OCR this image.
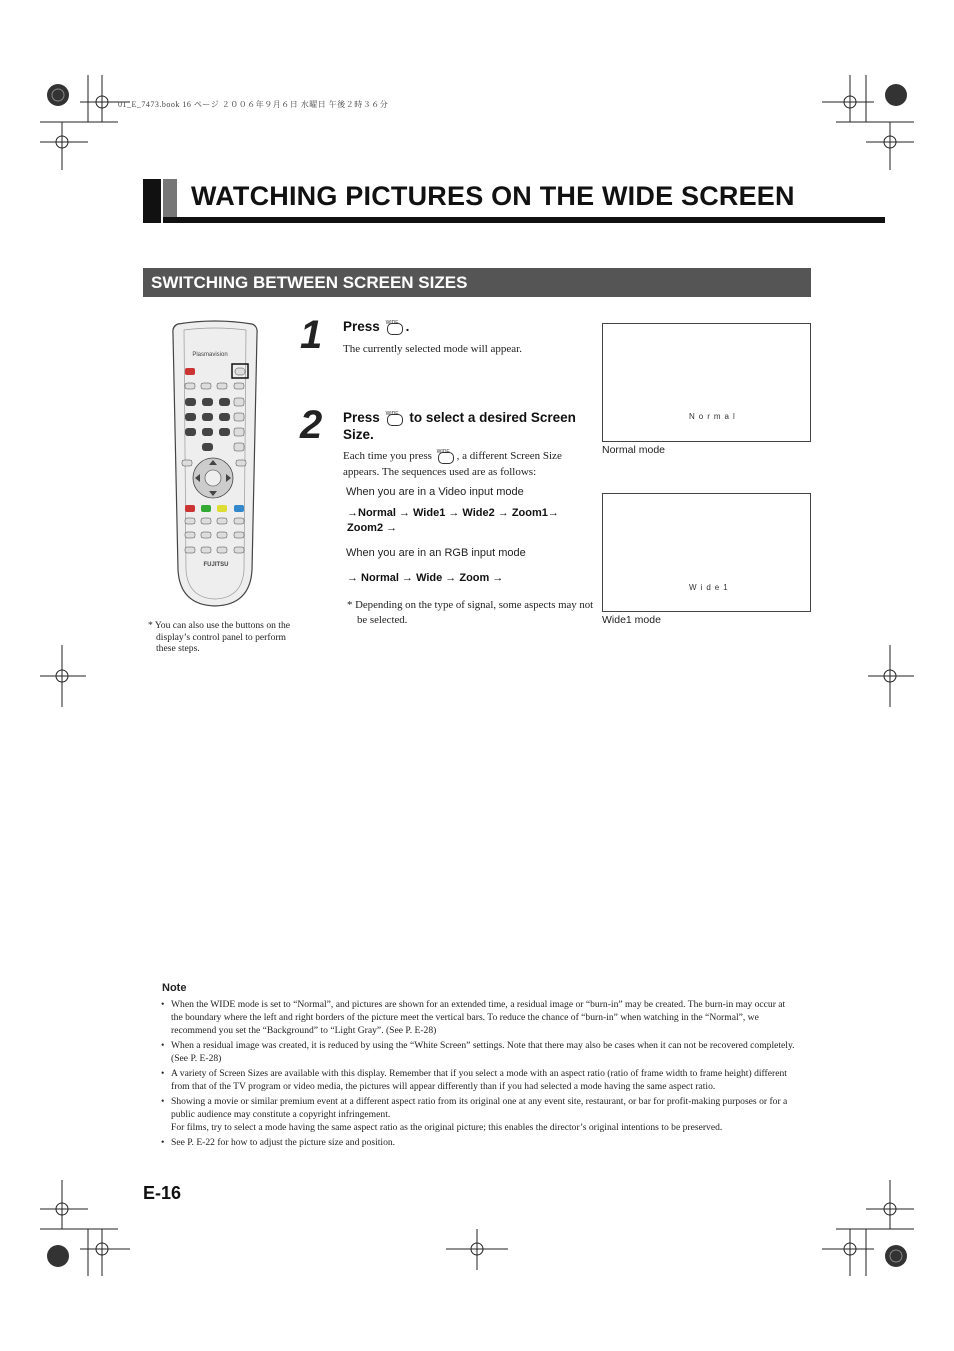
01_E_7473.book 16 ページ ２００６年９月６日 水曜日 午後２時３６分
WATCHING PICTURES ON THE WIDE SCREEN
SWITCHING BETWEEN SCREEN SIZES
Plasmavision
FUJITSU
* You can also use the buttons on the display’s control panel to perform these steps.
1 Press WIDE .
The currently selected mode will appear.
2 Press WIDE to select a desired Screen Size.
Each time you press WIDE , a different Screen Size appears. The sequences used are as follows:
When you are in a Video input mode
→Normal → Wide1 → Wide2 → Zoom1→
Zoom2 →
When you are in an RGB input mode
→ Normal → Wide → Zoom →
* Depending on the type of signal, some aspects may not be selected.
Normal
Normal mode
Wide1
Wide1 mode
Note
• When the WIDE mode is set to “Normal”, and pictures are shown for an extended time, a residual image or “burn-in” may be created. The burn-in may occur at the boundary where the left and right borders of the picture meet the vertical bars. To reduce the chance of “burn-in” when watching in the “Normal”, we recommend you set the “Background” to “Light Gray”. (See P. E-28)
• When a residual image was created, it is reduced by using the “White Screen” settings. Note that there may also be cases when it can not be recovered completely. (See P. E-28)
• A variety of Screen Sizes are available with this display. Remember that if you select a mode with an aspect ratio (ratio of frame width to frame height) different from that of the TV program or video media, the pictures will appear differently than if you had selected a mode having the same aspect ratio.
• Showing a movie or similar premium event at a different aspect ratio from its original one at any event site, restaurant, or bar for profit-making purposes or for a public audience may constitute a copyright infringement.
For films, try to select a mode having the same aspect ratio as the original picture; this enables the director’s original intentions to be preserved.
• See P. E-22 for how to adjust the picture size and position.
E-16
